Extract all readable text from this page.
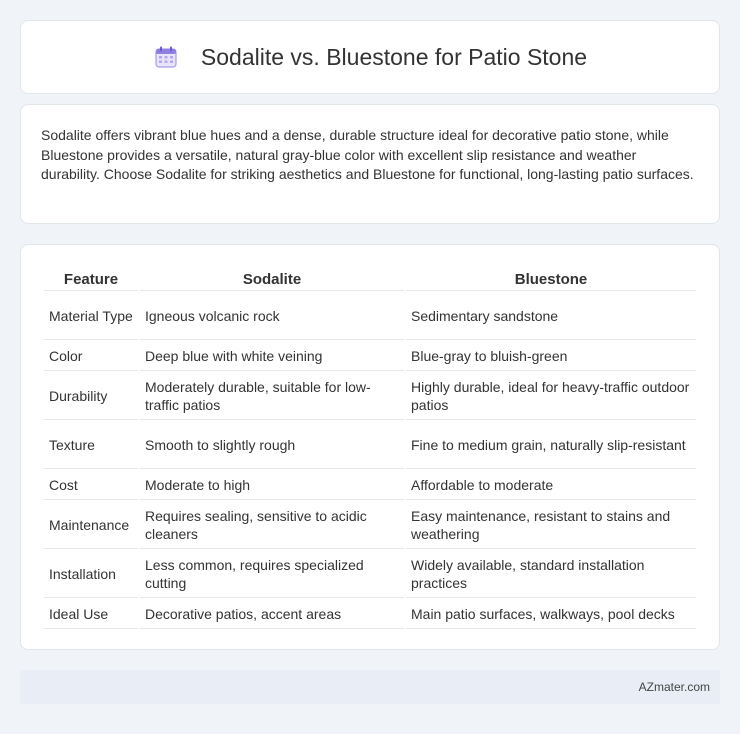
Sodalite vs. Bluestone for Patio Stone

Sodalite offers vibrant blue hues and a dense, durable structure ideal for decorative patio stone, while Bluestone provides a versatile, natural gray-blue color with excellent slip resistance and weather durability. Choose Sodalite for striking aesthetics and Bluestone for functional, long-lasting patio surfaces.

Feature	Sodalite	Bluestone
Material Type	Igneous volcanic rock	Sedimentary sandstone
Color	Deep blue with white veining	Blue-gray to bluish-green
Durability	Moderately durable, suitable for low-traffic patios	Highly durable, ideal for heavy-traffic outdoor patios
Texture	Smooth to slightly rough	Fine to medium grain, naturally slip-resistant
Cost	Moderate to high	Affordable to moderate
Maintenance	Requires sealing, sensitive to acidic cleaners	Easy maintenance, resistant to stains and weathering
Installation	Less common, requires specialized cutting	Widely available, standard installation practices
Ideal Use	Decorative patios, accent areas	Main patio surfaces, walkways, pool decks
AZmater.com
